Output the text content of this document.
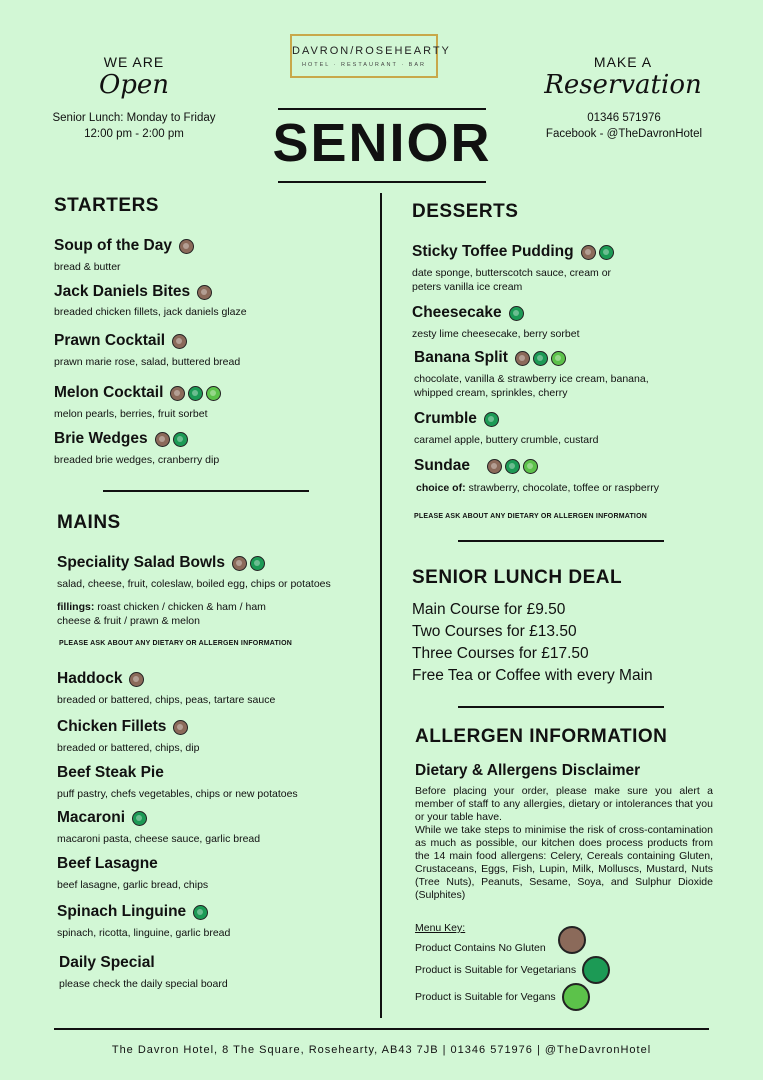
WE ARE
Open
Senior Lunch: Monday to Friday
12:00 pm - 2:00 pm
DAVRON/ROSEHEARTY
HOTEL · RESTAURANT · BAR
SENIOR
MAKE A
Reservation
01346 571976
Facebook - @TheDavronHotel
STARTERS
Soup of the Day
bread & butter
Jack Daniels Bites
breaded chicken fillets, jack daniels glaze
Prawn Cocktail
prawn marie rose, salad, buttered bread
Melon Cocktail
melon pearls, berries, fruit sorbet
Brie Wedges
breaded brie wedges, cranberry dip
MAINS
Speciality Salad Bowls
salad, cheese, fruit, coleslaw, boiled egg, chips or potatoes
fillings: roast chicken / chicken & ham / ham
cheese & fruit / prawn & melon
PLEASE ASK ABOUT ANY DIETARY OR ALLERGEN INFORMATION
Haddock
breaded or battered, chips, peas, tartare sauce
Chicken Fillets
breaded or battered, chips, dip
Beef Steak Pie
puff pastry, chefs vegetables, chips or new potatoes
Macaroni
macaroni pasta, cheese sauce, garlic bread
Beef Lasagne
beef lasagne, garlic bread, chips
Spinach Linguine
spinach, ricotta, linguine, garlic bread
Daily Special
please check the daily special board
DESSERTS
Sticky Toffee Pudding
date sponge, butterscotch sauce, cream or
peters vanilla ice cream
Cheesecake
zesty lime cheesecake, berry sorbet
Banana Split
chocolate, vanilla & strawberry ice cream, banana,
whipped cream, sprinkles, cherry
Crumble
caramel apple, buttery crumble, custard
Sundae
choice of: strawberry, chocolate, toffee or raspberry
PLEASE ASK ABOUT ANY DIETARY OR ALLERGEN INFORMATION
SENIOR LUNCH DEAL
Main Course for £9.50
Two Courses for £13.50
Three Courses for £17.50
Free Tea or Coffee with every Main
ALLERGEN INFORMATION
Dietary & Allergens Disclaimer
Before placing your order, please make sure you alert a member of staff to any allergies, dietary or intolerances that you or your table have.
While we take steps to minimise the risk of cross-contamination as much as possible, our kitchen does process products from the 14 main food allergens: Celery, Cereals containing Gluten, Crustaceans, Eggs, Fish, Lupin, Milk, Molluscs, Mustard, Nuts (Tree Nuts), Peanuts, Sesame, Soya, and Sulphur Dioxide (Sulphites)
Menu Key:
Product Contains No Gluten
Product is Suitable for Vegetarians
Product is Suitable for Vegans
The Davron Hotel, 8 The Square, Rosehearty, AB43 7JB | 01346 571976 | @TheDavronHotel
